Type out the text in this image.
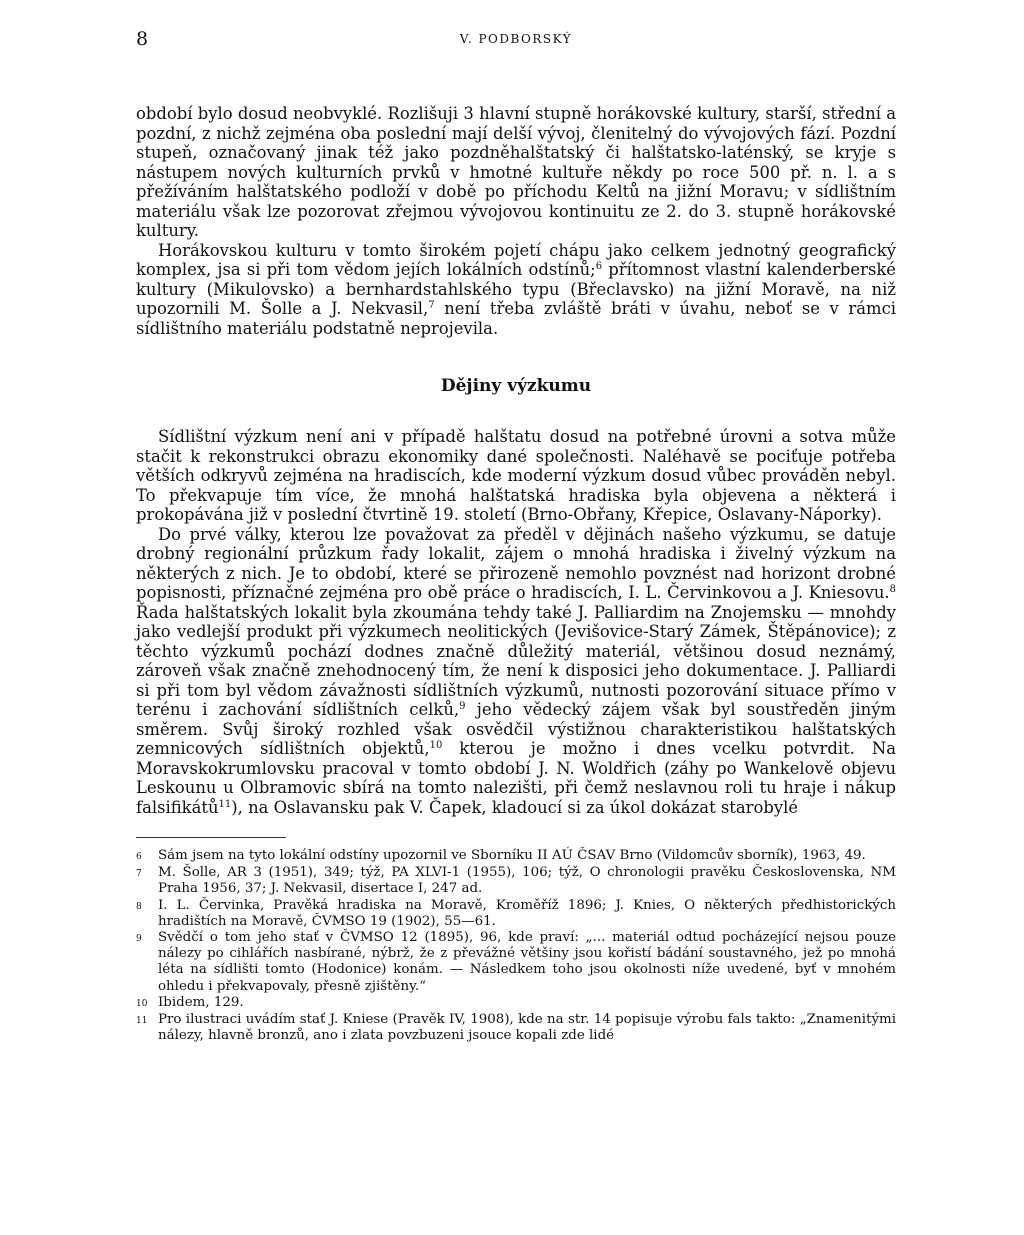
8	V. PODBORSKÝ

období bylo dosud neobvyklé. Rozlišuji 3 hlavní stupně horákovské kultury, starší, střední a pozdní, z nichž zejména oba poslední mají delší vývoj, členitelný do vývojových fází. Pozdní stupeň, označovaný jinak též jako pozdněhalštatský či halštatsko-laténský, se kryje s nástupem nových kulturních prvků v hmotné kultuře někdy po roce 500 př. n. l. a s přežíváním halštatského podloží v době po příchodu Keltů na jižní Moravu; v sídlištním materiálu však lze pozorovat zřejmou vývojovou kontinuitu ze 2. do 3. stupně horákovské kultury.

Horákovskou kulturu v tomto širokém pojetí chápu jako celkem jednotný geografický komplex, jsa si při tom vědom jejích lokálních odstínů;$^6$ přítomnost vlastní kalenderberské kultury (Mikulovsko) a bernhardstahlského typu (Břeclavsko) na jižní Moravě, na niž upozornili M. Šolle a J. Nekvasil,$^7$ není třeba zvláště bráti v úvahu, neboť se v rámci sídlištního materiálu podstatně neprojevila.

Dějiny výzkumu

Sídlištní výzkum není ani v případě halštatu dosud na potřebné úrovni a sotva může stačit k rekonstrukci obrazu ekonomiky dané společnosti. Naléhavě se pociťuje potřeba větších odkryvů zejména na hradiscích, kde moderní výzkum dosud vůbec prováděn nebyl. To překvapuje tím více, že mnohá halštatská hradiska byla objevena a některá i prokopávána již v poslední čtvrtině 19. století (Brno-Obřany, Křepice, Oslavany-Náporky).

Do prvé války, kterou lze považovat za předěl v dějinách našeho výzkumu, se datuje drobný regionální průzkum řady lokalit, zájem o mnohá hradiska i živelný výzkum na některých z nich. Je to období, které se přirozeně nemohlo povznést nad horizont drobné popisnosti, příznačné zejména pro obě práce o hradiscích, I. L. Červinkovou a J. Kniesovu.$^8$ Řada halštatských lokalit byla zkoumána tehdy také J. Palliardim na Znojemsku — mnohdy jako vedlejší produkt při výzkumech neolitických (Jevišovice-Starý Zámek, Štěpánovice); z těchto výzkumů pochází dodnes značně důležitý materiál, většinou dosud neznámý, zároveň však značně znehodnocený tím, že není k disposici jeho dokumentace. J. Palliardi si při tom byl vědom závažnosti sídlištních výzkumů, nutnosti pozorování situace přímo v terénu i zachování sídlištních celků,$^9$ jeho vědecký zájem však byl soustředěn jiným směrem. Svůj široký rozhled však osvědčil výstižnou charakteristikou halštatských zemnicových sídlištních objektů,$^{10}$ kterou je možno i dnes vcelku potvrdit. Na Moravskokrumlovsku pracoval v tomto období J. N. Woldřich (záhy po Wankelově objevu Leskounu u Olbramovic sbírá na tomto nalezišti, při čemž neslavnou roli tu hraje i nákup falsifikátů$^{11}$), na Oslavansku pak V. Čapek, kladoucí si za úkol dokázat starobylé

6	Sám jsem na tyto lokální odstíny upozornil ve Sborníku II AÚ ČSAV Brno (Vildomcův sborník), 1963, 49.
7	M. Šolle, AR 3 (1951), 349; týž, PA XLVI-1 (1955), 106; týž, O chronologii pravěku Československa, NM Praha 1956, 37; J. Nekvasil, disertace I, 247 ad.
8	I. L. Červinka, Pravěká hradiska na Moravě, Kroměříž 1896; J. Knies, O některých předhistorických hradištích na Moravě, ČVMSO 19 (1902), 55—61.
9	Svědčí o tom jeho stať v ČVMSO 12 (1895), 96, kde praví: „... materiál odtud pocházející nejsou pouze nálezy po cihlářích nasbírané, nýbrž, že z převážné většiny jsou kořistí bádání soustavného, jež po mnohá léta na sídlišti tomto (Hodonice) konám. — Následkem toho jsou okolnosti níže uvedené, byť v mnohém ohledu i překvapovaly, přesně zjištěny.“
10 Ibidem, 129.
11 Pro ilustraci uvádím stať J. Kniese (Pravěk IV, 1908), kde na str. 14 popisuje výrobu fals takto: „Znamenitými nálezy, hlavně bronzů, ano i zlata povzbuzeni jsouce kopali zde lidé
